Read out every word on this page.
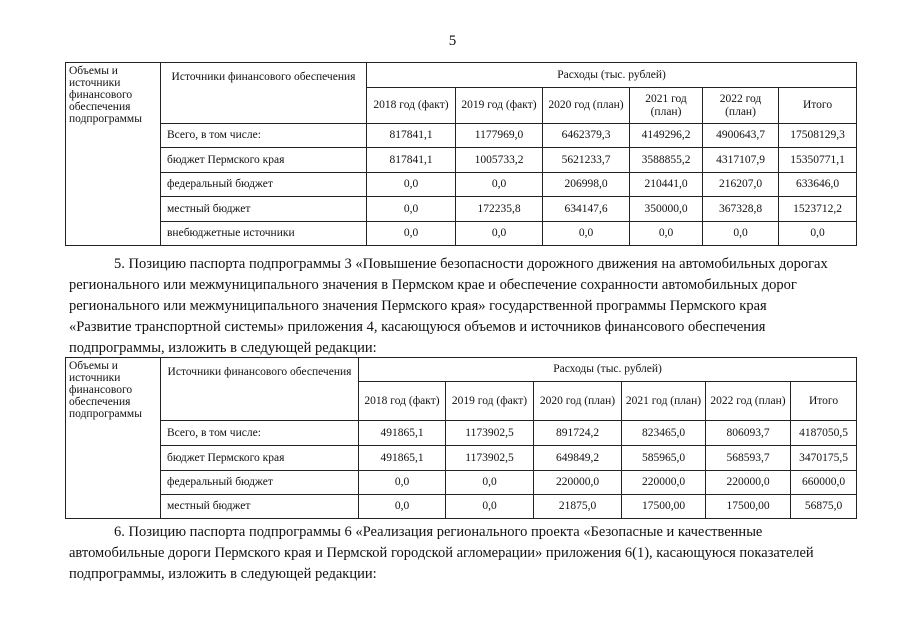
5
Объемы и источники финансового обеспечения подпрограммы	Источники финансового обеспечения	Расходы (тыс. рублей)					
		2018 год (факт)	2019 год (факт)	2020 год (план)	2021 год (план)	2022 год (план)	Итого
	Всего, в том числе:	817841,1	1177969,0	6462379,3	4149296,2	4900643,7	17508129,3
	бюджет Пермского края	817841,1	1005733,2	5621233,7	3588855,2	4317107,9	15350771,1
	федеральный бюджет	0,0	0,0	206998,0	210441,0	216207,0	633646,0
	местный бюджет	0,0	172235,8	634147,6	350000,0	367328,8	1523712,2
	внебюджетные источники	0,0	0,0	0,0	0,0	0,0	0,0
5. Позицию паспорта подпрограммы 3 «Повышение безопасности дорожного движения на автомобильных дорогах
регионального или межмуниципального значения в Пермском крае и обеспечение сохранности автомобильных дорог
регионального или межмуниципального значения Пермского края» государственной программы Пермского края
«Развитие транспортной системы» приложения 4, касающуюся объемов и источников финансового обеспечения
подпрограммы, изложить в следующей редакции:
Объемы и источники финансового обеспечения подпрограммы	Источники финансового обеспечения	Расходы (тыс. рублей)					
		2018 год (факт)	2019 год (факт)	2020 год (план)	2021 год (план)	2022 год (план)	Итого
	Всего, в том числе:	491865,1	1173902,5	891724,2	823465,0	806093,7	4187050,5
	бюджет Пермского края	491865,1	1173902,5	649849,2	585965,0	568593,7	3470175,5
	федеральный бюджет	0,0	0,0	220000,0	220000,0	220000,0	660000,0
	местный бюджет	0,0	0,0	21875,0	17500,00	17500,00	56875,0
6. Позицию паспорта подпрограммы 6 «Реализация регионального проекта «Безопасные и качественные
автомобильные дороги Пермского края и Пермской городской агломерации» приложения 6(1), касающуюся показателей
подпрограммы, изложить в следующей редакции:
